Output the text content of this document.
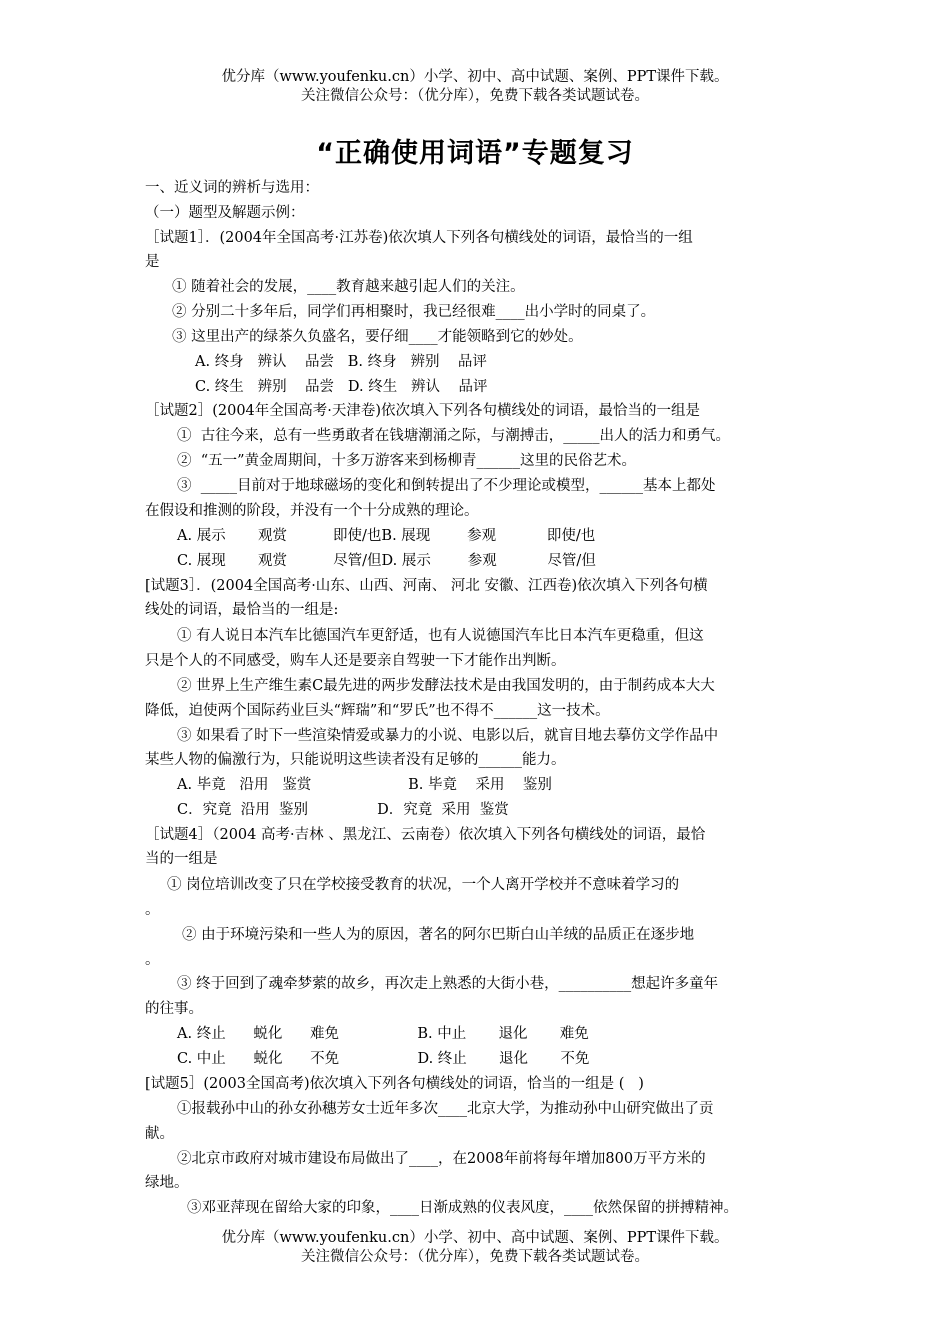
优分库（www.youfenku.cn）小学、初中、高中试题、案例、PPT课件下载。
关注微信公众号：（优分库），免费下载各类试题试卷。
“正确使用词语”专题复习
一、近义词的辨析与选用：
（一）题型及解题示例：
［试题1］．(2004年全国高考·江苏卷)依次填人下列各句横线处的词语，最恰当的一组
是
① 随着社会的发展，____教育越来越引起人们的关注。
② 分别二十多年后，同学们再相聚时，我已经很难____出小学时的同桌了。
③ 这里出产的绿茶久负盛名，要仔细____才能领略到它的妙处。
A. 终身   辨认    品尝   B. 终身   辨别    品评
C. 终生   辨别    品尝   D. 终生   辨认    品评
［试题2］(2004年全国高考·天津卷)依次填入下列各句横线处的词语，最恰当的一组是
①  古往今来，总有一些勇敢者在钱塘潮涌之际，与潮搏击，_____出人的活力和勇气。
②  “五一”黄金周期间，十多万游客来到杨柳青______这里的民俗艺术。
③  _____目前对于地球磁场的变化和倒转提出了不少理论或模型，______基本上都处
在假设和推测的阶段，并没有一个十分成熟的理论。
A. 展示       观赏          即使/也B. 展现        参观           即使/也
C. 展现       观赏          尽管/但D. 展示        参观           尽管/但
[试题3］．(2004全国高考·山东、山西、河南、 河北 安徽、江西卷)依次填入下列各句横
线处的词语，最恰当的一组是:
① 有人说日本汽车比德国汽车更舒适，也有人说德国汽车比日本汽车更稳重，但这
只是个人的不同感受，购车人还是要亲自驾驶一下才能作出判断。
② 世界上生产维生素C最先进的两步发酵法技术是由我国发明的，由于制药成本大大
降低，迫使两个国际药业巨头“辉瑞”和“罗氏”也不得不______这一技术。
③ 如果看了时下一些渲染情爱或暴力的小说、电影以后，就盲目地去摹仿文学作品中
某些人物的偏激行为，只能说明这些读者没有足够的______能力。
A. 毕竟   沿用   鉴赏                     B. 毕竟    采用    鉴别
C．究竟  沿用  鉴别               D．究竟  采用  鉴赏
［试题4］（2004 高考·吉林 、黑龙江、云南卷）依次填入下列各句横线处的词语，最恰
当的一组是
① 岗位培训改变了只在学校接受教育的状况，一个人离开学校并不意味着学习的
。
② 由于环境污染和一些人为的原因，著名的阿尔巴斯白山羊绒的品质正在逐步地
。
③ 终于回到了魂牵梦萦的故乡，再次走上熟悉的大街小巷，__________想起许多童年
的往事。
A. 终止      蜕化      难免                 B. 中止       退化       难免
C. 中止      蜕化      不免                 D. 终止       退化       不免
[试题5］(2003全国高考)依次填入下列各句横线处的词语，恰当的一组是 (   )
①报载孙中山的孙女孙穗芳女士近年多次____北京大学，为推动孙中山研究做出了贡
献。
②北京市政府对城市建设布局做出了____，在2008年前将每年增加800万平方米的
绿地。
③邓亚萍现在留给大家的印象，____日渐成熟的仪表风度，____依然保留的拼搏精神。
优分库（www.youfenku.cn）小学、初中、高中试题、案例、PPT课件下载。
关注微信公众号：（优分库），免费下载各类试题试卷。
